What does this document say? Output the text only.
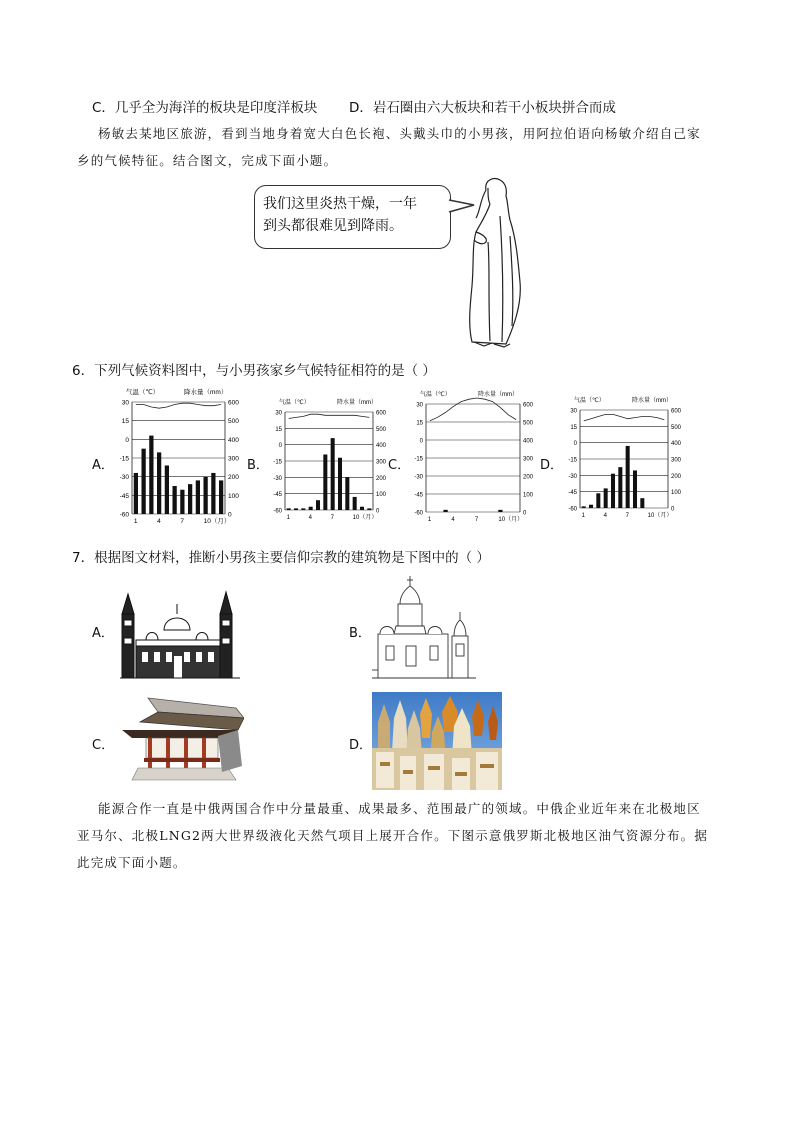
C．几乎全为海洋的板块是印度洋板块 D．岩石圈由六大板块和若干小板块拼合而成
杨敏去某地区旅游，看到当地身着宽大白色长袍、头戴头巾的小男孩，用阿拉伯语向杨敏介绍自己家
乡的气候特征。结合图文，完成下面小题。
我们这里炎热干燥，一年
到头都很难见到降雨。
6．下列气候资料图中，与小男孩家乡气候特征相符的是（ ）
A．
气温（℃）	降水量（mm）
30	600
15	500
0	400
-15	300
-30	200
-45	100
-60	0
1	4	7	10（月）
B．
气温（℃）	降水量（mm）
30	600
15	500
0	400
-15	300
-30	200
-45	100
-60	0
1	4	7	10（月）
C．
气温（℃）	降水量（mm）
30	600
15	500
0	400
-15	300
-30	200
-45	100
-60	0
1	4	7	10（月）
D．
气温（℃）	降水量（mm）
30	600
15	500
0	400
-15	300
-30	200
-45	100
-60	0
1	4	7	10（月）
7．根据图文材料，推断小男孩主要信仰宗教的建筑物是下图中的（ ）
A．	B．
C．	D．
能源合作一直是中俄两国合作中分量最重、成果最多、范围最广的领域。中俄企业近年来在北极地区
亚马尔、北极LNG2两大世界级液化天然气项目上展开合作。下图示意俄罗斯北极地区油气资源分布。据
此完成下面小题。
